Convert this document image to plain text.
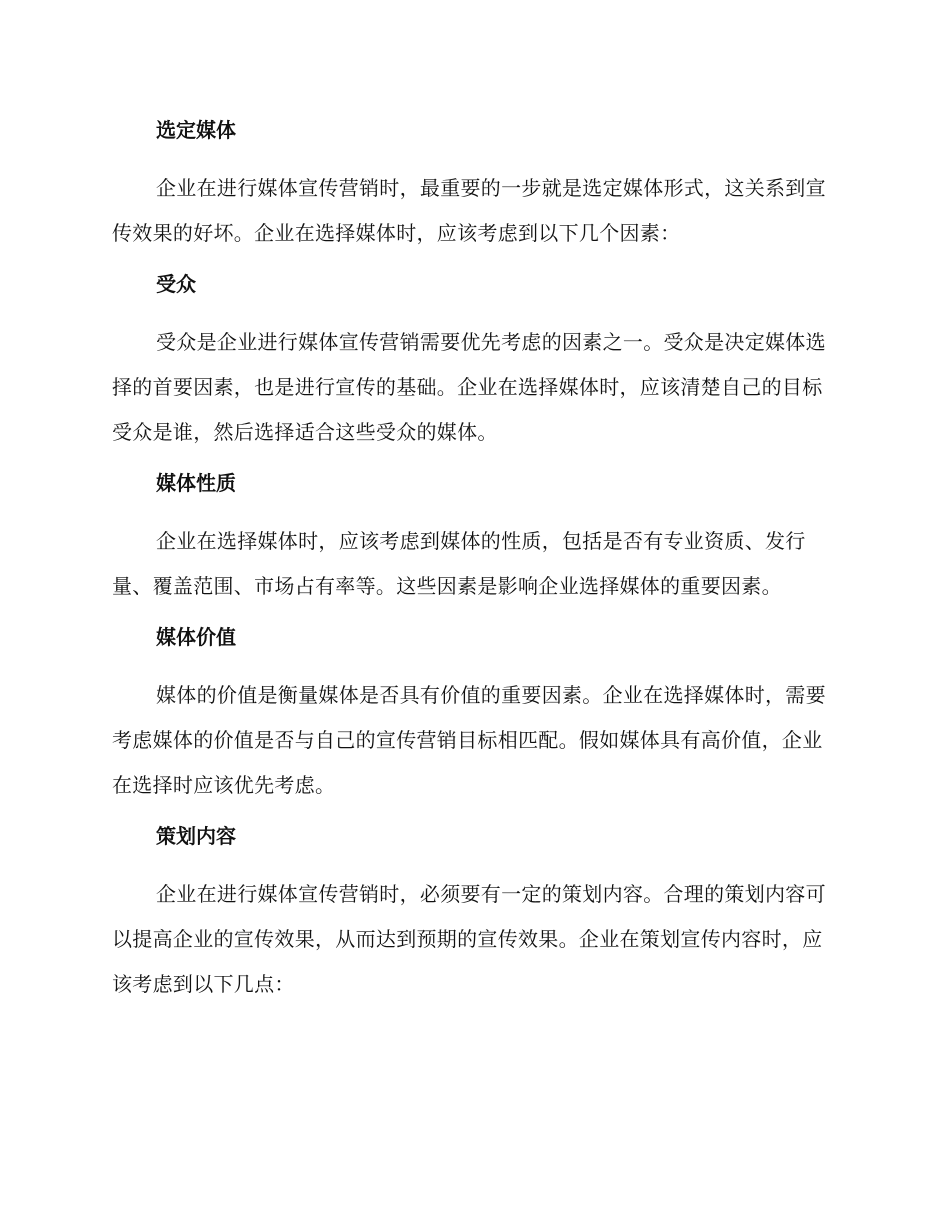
选定媒体

企业在进行媒体宣传营销时，最重要的一步就是选定媒体形式，这关系到宣传效果的好坏。企业在选择媒体时，应该考虑到以下几个因素：

受众

受众是企业进行媒体宣传营销需要优先考虑的因素之一。受众是决定媒体选择的首要因素，也是进行宣传的基础。企业在选择媒体时，应该清楚自己的目标受众是谁，然后选择适合这些受众的媒体。

媒体性质

企业在选择媒体时，应该考虑到媒体的性质，包括是否有专业资质、发行量、覆盖范围、市场占有率等。这些因素是影响企业选择媒体的重要因素。

媒体价值

媒体的价值是衡量媒体是否具有价值的重要因素。企业在选择媒体时，需要考虑媒体的价值是否与自己的宣传营销目标相匹配。假如媒体具有高价值，企业在选择时应该优先考虑。

策划内容

企业在进行媒体宣传营销时，必须要有一定的策划内容。合理的策划内容可以提高企业的宣传效果，从而达到预期的宣传效果。企业在策划宣传内容时，应该考虑到以下几点：
